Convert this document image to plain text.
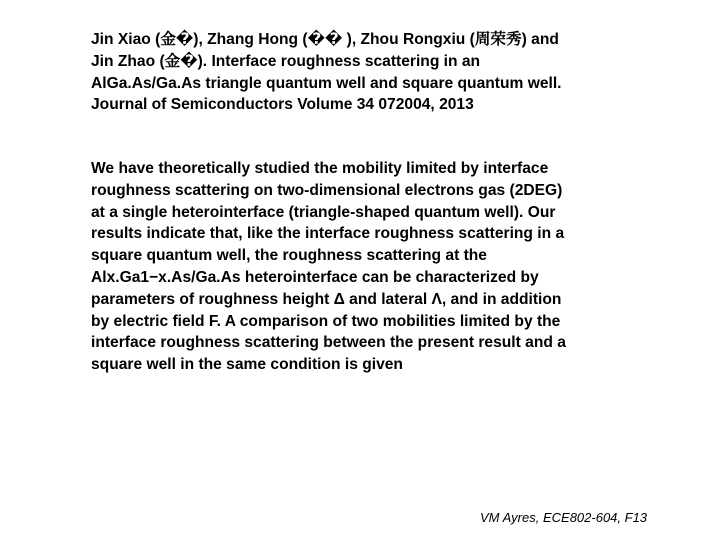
Jin Xiao (金�), Zhang Hong (�� ), Zhou Rongxiu (周荣秀) and
Jin Zhao (金�). Interface roughness scattering in an
AlGa.As/Ga.As triangle quantum well and square quantum well.
Journal of Semiconductors Volume 34 072004, 2013
We have theoretically studied the mobility limited by interface
roughness scattering on two-dimensional electrons gas (2DEG)
at a single heterointerface (triangle-shaped quantum well). Our
results indicate that, like the interface roughness scattering in a
square quantum well, the roughness scattering at the
Alx.Ga1−x.As/Ga.As heterointerface can be characterized by
parameters of roughness height Δ and lateral Λ, and in addition
by electric field F. A comparison of two mobilities limited by the
interface roughness scattering between the present result and a
square well in the same condition is given
VM Ayres, ECE802-604, F13
